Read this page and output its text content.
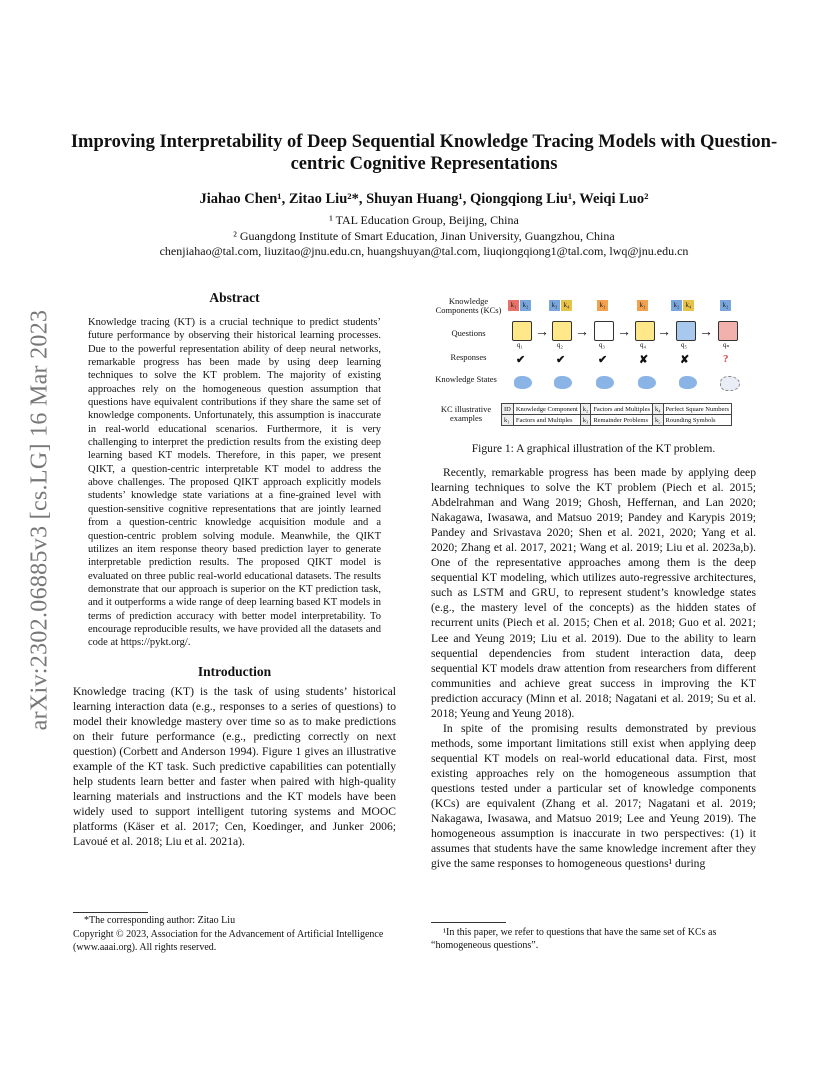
arXiv:2302.06885v3 [cs.LG] 16 Mar 2023
Improving Interpretability of Deep Sequential Knowledge Tracing Models with Question-centric Cognitive Representations
Jiahao Chen¹, Zitao Liu²*, Shuyan Huang¹, Qiongqiong Liu¹, Weiqi Luo²
¹ TAL Education Group, Beijing, China
² Guangdong Institute of Smart Education, Jinan University, Guangzhou, China
chenjiahao@tal.com, liuzitao@jnu.edu.cn, huangshuyan@tal.com, liuqiongqiong1@tal.com, lwq@jnu.edu.cn
Abstract
Knowledge tracing (KT) is a crucial technique to predict students’ future performance by observing their historical learning processes. Due to the powerful representation ability of deep neural networks, remarkable progress has been made by using deep learning techniques to solve the KT problem. The majority of existing approaches rely on the homogeneous question assumption that questions have equivalent contributions if they share the same set of knowledge components. Unfortunately, this assumption is inaccurate in real-world educational scenarios. Furthermore, it is very challenging to interpret the prediction results from the existing deep learning based KT models. Therefore, in this paper, we present QIKT, a question-centric interpretable KT model to address the above challenges. The proposed QIKT approach explicitly models students’ knowledge state variations at a fine-grained level with question-sensitive cognitive representations that are jointly learned from a question-centric knowledge acquisition module and a question-centric problem solving module. Meanwhile, the QIKT utilizes an item response theory based prediction layer to generate interpretable prediction results. The proposed QIKT model is evaluated on three public real-world educational datasets. The results demonstrate that our approach is superior on the KT prediction task, and it outperforms a wide range of deep learning based KT models in terms of prediction accuracy with better model interpretability. To encourage reproducible results, we have provided all the datasets and code at https://pykt.org/.
Introduction
Knowledge tracing (KT) is the task of using students’ historical learning interaction data (e.g., responses to a series of questions) to model their knowledge mastery over time so as to make predictions on their future performance (e.g., predicting correctly on next question) (Corbett and Anderson 1994). Figure 1 gives an illustrative example of the KT task. Such predictive capabilities can potentially help students learn better and faster when paired with high-quality learning materials and instructions and the KT models have been widely used to support intelligent tutoring systems and MOOC platforms (Käser et al. 2017; Cen, Koedinger, and Junker 2006; Lavoué et al. 2018; Liu et al. 2021a).
*The corresponding author: Zitao Liu
Copyright © 2023, Association for the Advancement of Artificial Intelligence (www.aaai.org). All rights reserved.
Knowledge Components (KCs)
Questions
Responses
Knowledge States
KC illustrative examples
k₁ k₂	k₃ k₄	k₁	k₁	k₂ k₄	k₂
→ → → → →
q₁	q₂	q₃	q₄	q₅	qₙ
✔	✔	✔	✘	✘	?
ID	Knowledge Component	k₂	Factors and Multiples	k₄	Perfect Square Numbers
k₁	Factors and Multiples	k₃	Remainder Problems	k₅	Rounding Symbols
Figure 1: A graphical illustration of the KT problem.
Recently, remarkable progress has been made by applying deep learning techniques to solve the KT problem (Piech et al. 2015; Abdelrahman and Wang 2019; Ghosh, Heffernan, and Lan 2020; Nakagawa, Iwasawa, and Matsuo 2019; Pandey and Karypis 2019; Pandey and Srivastava 2020; Shen et al. 2021, 2020; Yang et al. 2020; Zhang et al. 2017, 2021; Wang et al. 2019; Liu et al. 2023a,b). One of the representative approaches among them is the deep sequential KT modeling, which utilizes auto-regressive architectures, such as LSTM and GRU, to represent student’s knowledge states (e.g., the mastery level of the concepts) as the hidden states of recurrent units (Piech et al. 2015; Chen et al. 2018; Guo et al. 2021; Lee and Yeung 2019; Liu et al. 2019). Due to the ability to learn sequential dependencies from student interaction data, deep sequential KT models draw attention from researchers from different communities and achieve great success in improving the KT prediction accuracy (Minn et al. 2018; Nagatani et al. 2019; Su et al. 2018; Yeung and Yeung 2018).
In spite of the promising results demonstrated by previous methods, some important limitations still exist when applying deep sequential KT models on real-world educational data. First, most existing approaches rely on the homogeneous assumption that questions tested under a particular set of knowledge components (KCs) are equivalent (Zhang et al. 2017; Nagatani et al. 2019; Nakagawa, Iwasawa, and Matsuo 2019; Lee and Yeung 2019). The homogeneous assumption is inaccurate in two perspectives: (1) it assumes that students have the same knowledge increment after they give the same responses to homogeneous questions¹ during
¹In this paper, we refer to questions that have the same set of KCs as “homogeneous questions”.
